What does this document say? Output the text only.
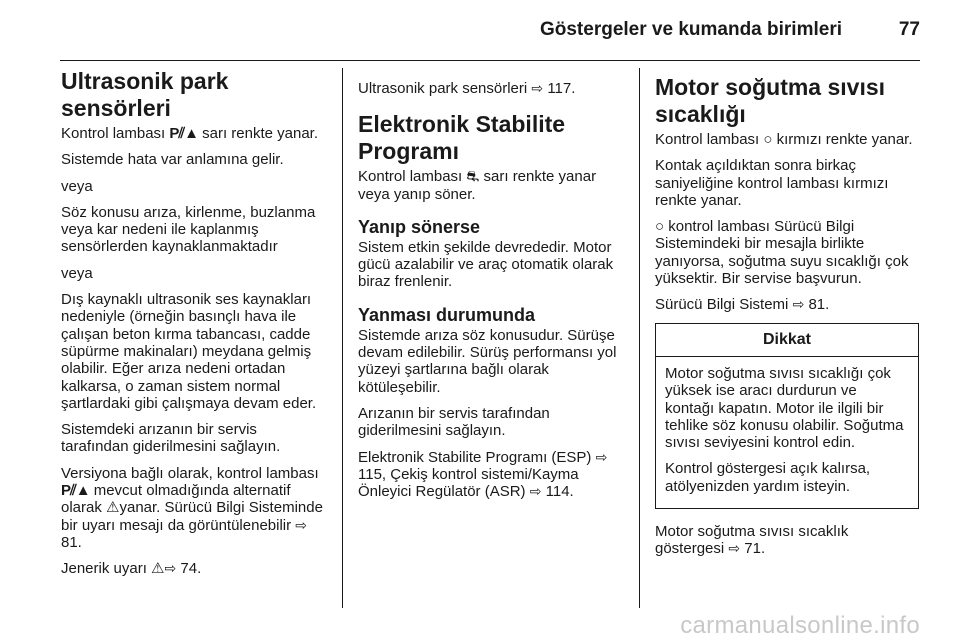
Göstergeler ve kumanda birimleri	77
Ultrasonik park sensörleri

Kontrol lambası P⫽▲ sarı renkte yanar.

Sistemde hata var anlamına gelir.

veya

Söz konusu arıza, kirlenme, buzlanma veya kar nedeni ile kaplanmış sensörlerden kaynaklanmaktadır

veya

Dış kaynaklı ultrasonik ses kaynakları nedeniyle (örneğin basınçlı hava ile çalışan beton kırma tabancası, cadde süpürme makinaları) meydana gelmiş olabilir. Eğer arıza nedeni ortadan kalkarsa, o zaman sistem normal şartlardaki gibi çalışmaya devam eder.

Sistemdeki arızanın bir servis tarafından giderilmesini sağlayın.

Versiyona bağlı olarak, kontrol lambası P⫽▲ mevcut olmadığında alternatif olarak ⚠yanar. Sürücü Bilgi Sisteminde bir uyarı mesajı da görüntülenebilir ⇨ 81.

Jenerik uyarı ⚠⇨ 74.

Ultrasonik park sensörleri ⇨ 117.

Elektronik Stabilite Programı

Kontrol lambası ⛐ sarı renkte yanar veya yanıp söner.

Yanıp sönerse

Sistem etkin şekilde devrededir. Motor gücü azalabilir ve araç otomatik olarak biraz frenlenir.

Yanması durumunda

Sistemde arıza söz konusudur. Sürüşe devam edilebilir. Sürüş performansı yol yüzeyi şartlarına bağlı olarak kötüleşebilir.

Arızanın bir servis tarafından giderilmesini sağlayın.

Elektronik Stabilite Programı (ESP) ⇨ 115, Çekiş kontrol sistemi/Kayma Önleyici Regülatör (ASR) ⇨ 114.

Motor soğutma sıvısı sıcaklığı

Kontrol lambası ○ kırmızı renkte yanar.

Kontak açıldıktan sonra birkaç saniyeliğine kontrol lambası kırmızı renkte yanar.

○ kontrol lambası Sürücü Bilgi Sistemindeki bir mesajla birlikte yanıyorsa, soğutma suyu sıcaklığı çok yüksektir. Bir servise başvurun.

Sürücü Bilgi Sistemi ⇨ 81.

Dikkat

Motor soğutma sıvısı sıcaklığı çok yüksek ise aracı durdurun ve kontağı kapatın. Motor ile ilgili bir tehlike söz konusu olabilir. Soğutma sıvısı seviyesini kontrol edin.

Kontrol göstergesi açık kalırsa, atölyenizden yardım isteyin.

Motor soğutma sıvısı sıcaklık göstergesi ⇨ 71.

carmanualsonline.info
